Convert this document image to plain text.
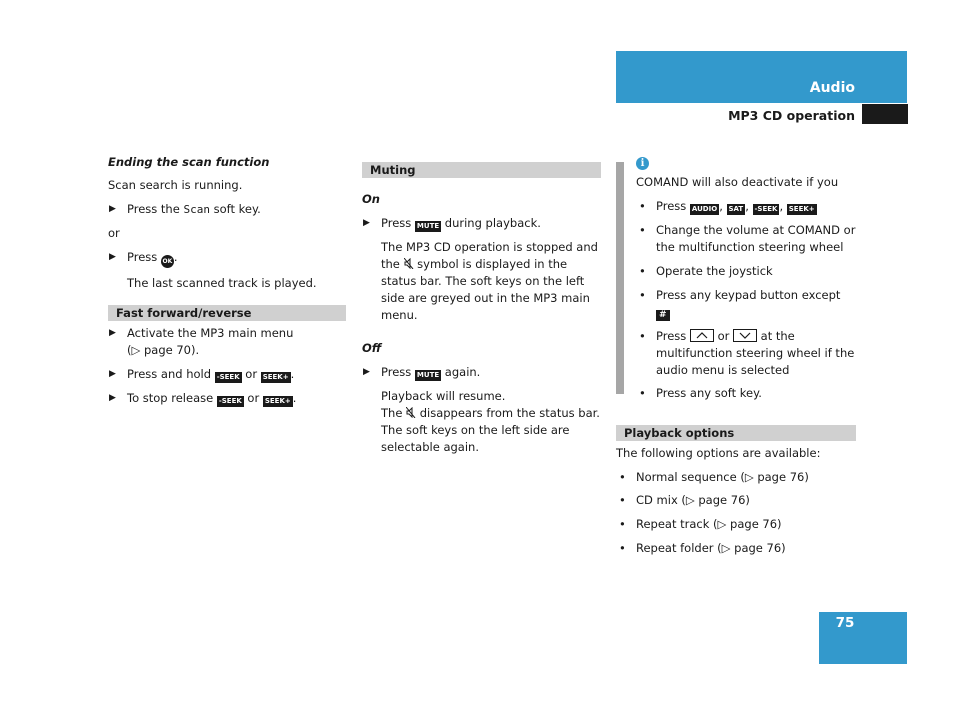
Audio
MP3 CD operation

Ending the scan function

Scan search is running.

▶ Press the Scan soft key.

or

▶ Press OK .

The last scanned track is played.

Fast forward/reverse

▶ Activate the MP3 main menu
(▷ page 70).

▶ Press and hold -SEEK or SEEK+ .

▶ To stop release -SEEK or SEEK+ .

Muting

On

▶ Press MUTE during playback.

The MP3 CD operation is stopped and the  symbol is displayed in the status bar. The soft keys on the left side are greyed out in the MP3 main menu.

Off

▶ Press MUTE again.

Playback will resume.

The  disappears from the status bar. The soft keys on the left side are selectable again.

i

COMAND will also deactivate if you

• Press AUDIO , SAT , -SEEK , SEEK+

• Change the volume at COMAND or the multifunction steering wheel

• Operate the joystick

• Press any keypad button except #

• Press
or
at the multifunction steering wheel if the audio menu is selected

• Press any soft key.

Playback options

The following options are available:

• Normal sequence (▷ page 76)

• CD mix (▷ page 76)

• Repeat track (▷ page 76)

• Repeat folder (▷ page 76)

75
